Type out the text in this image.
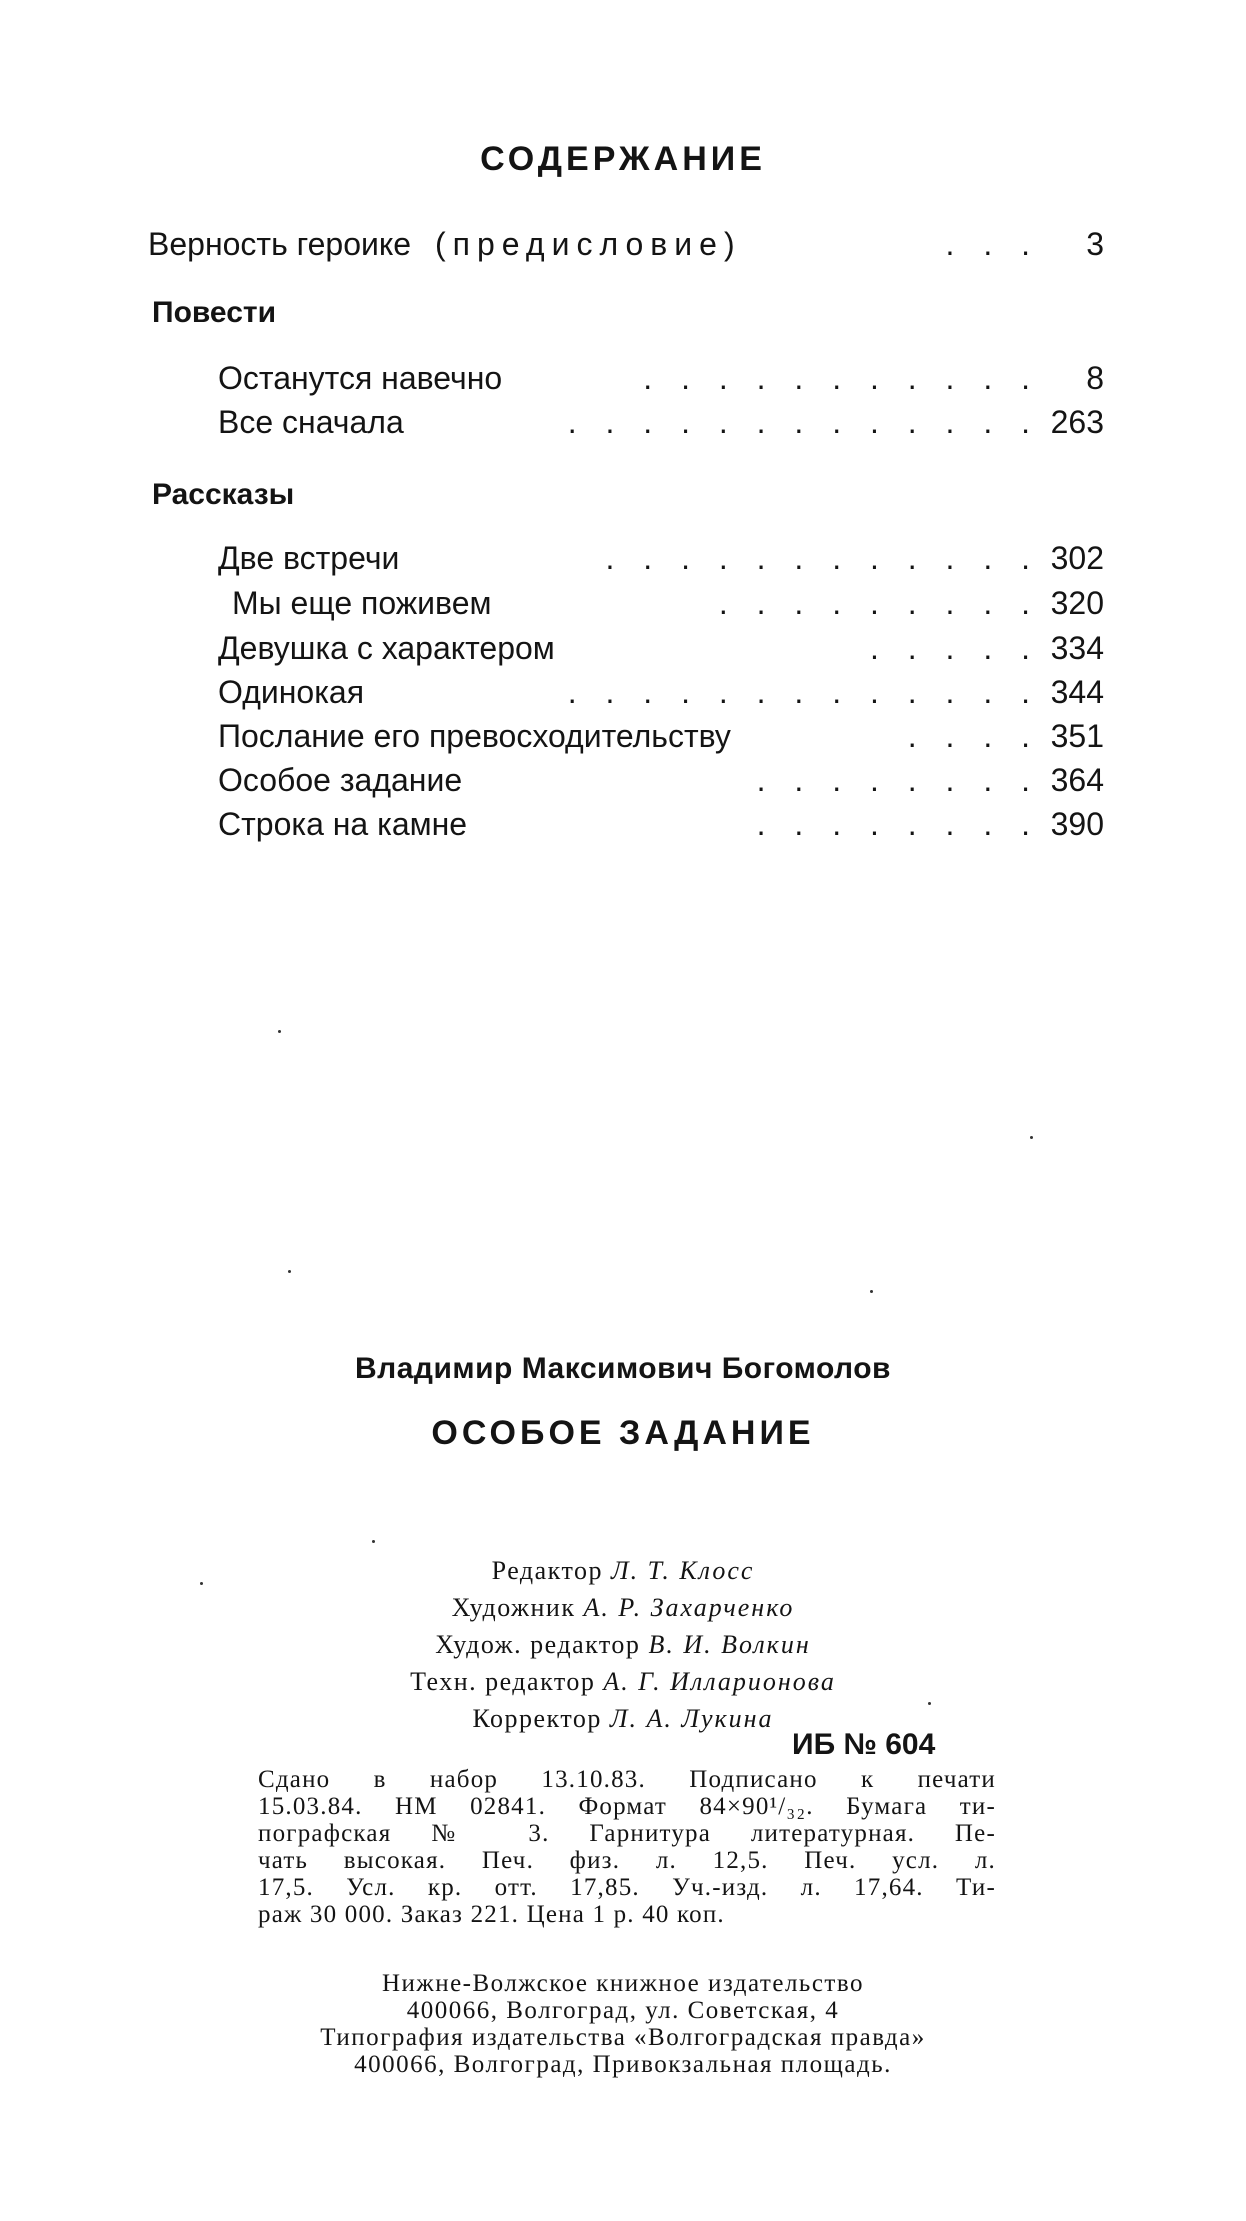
СОДЕРЖАНИЕ
Верность героике (предисловие)	. . .	3
Повести
Останутся навечно	. . . . . . . . . . .	8
Все сначала	. . . . . . . . . . . . . 263
Рассказы
Две встречи	. . . . . . . . . . . . 302
Мы еще поживем	. . . . . . . . . 320
Девушка с характером	. . . . . 334
Одинокая	. . . . . . . . . . . . . 344
Послание его превосходительству	. . . . 351
Особое задание	. . . . . . . . 364
Строка на камне	. . . . . . . . 390
Владимир Максимович Богомолов
ОСОБОЕ ЗАДАНИЕ
Редактор Л. Т. Клосс
Художник А. Р. Захарченко
Худож. редактор В. И. Волкин
Техн. редактор А. Г. Илларионова
Корректор Л. А. Лукина
ИБ № 604
Сдано в набор 13.10.83. Подписано к печати
15.03.84. НМ 02841. Формат 84×90¹/₃₂. Бумага ти-
пографская № 3. Гарнитура литературная. Пе-
чать высокая. Печ. физ. л. 12,5. Печ. усл. л.
17,5. Усл. кр. отт. 17,85. Уч.-изд. л. 17,64. Ти-
раж 30 000. Заказ 221. Цена 1 р. 40 коп.
Нижне-Волжское книжное издательство
400066, Волгоград, ул. Советская, 4
Типография издательства «Волгоградская правда»
400066, Волгоград, Привокзальная площадь.
